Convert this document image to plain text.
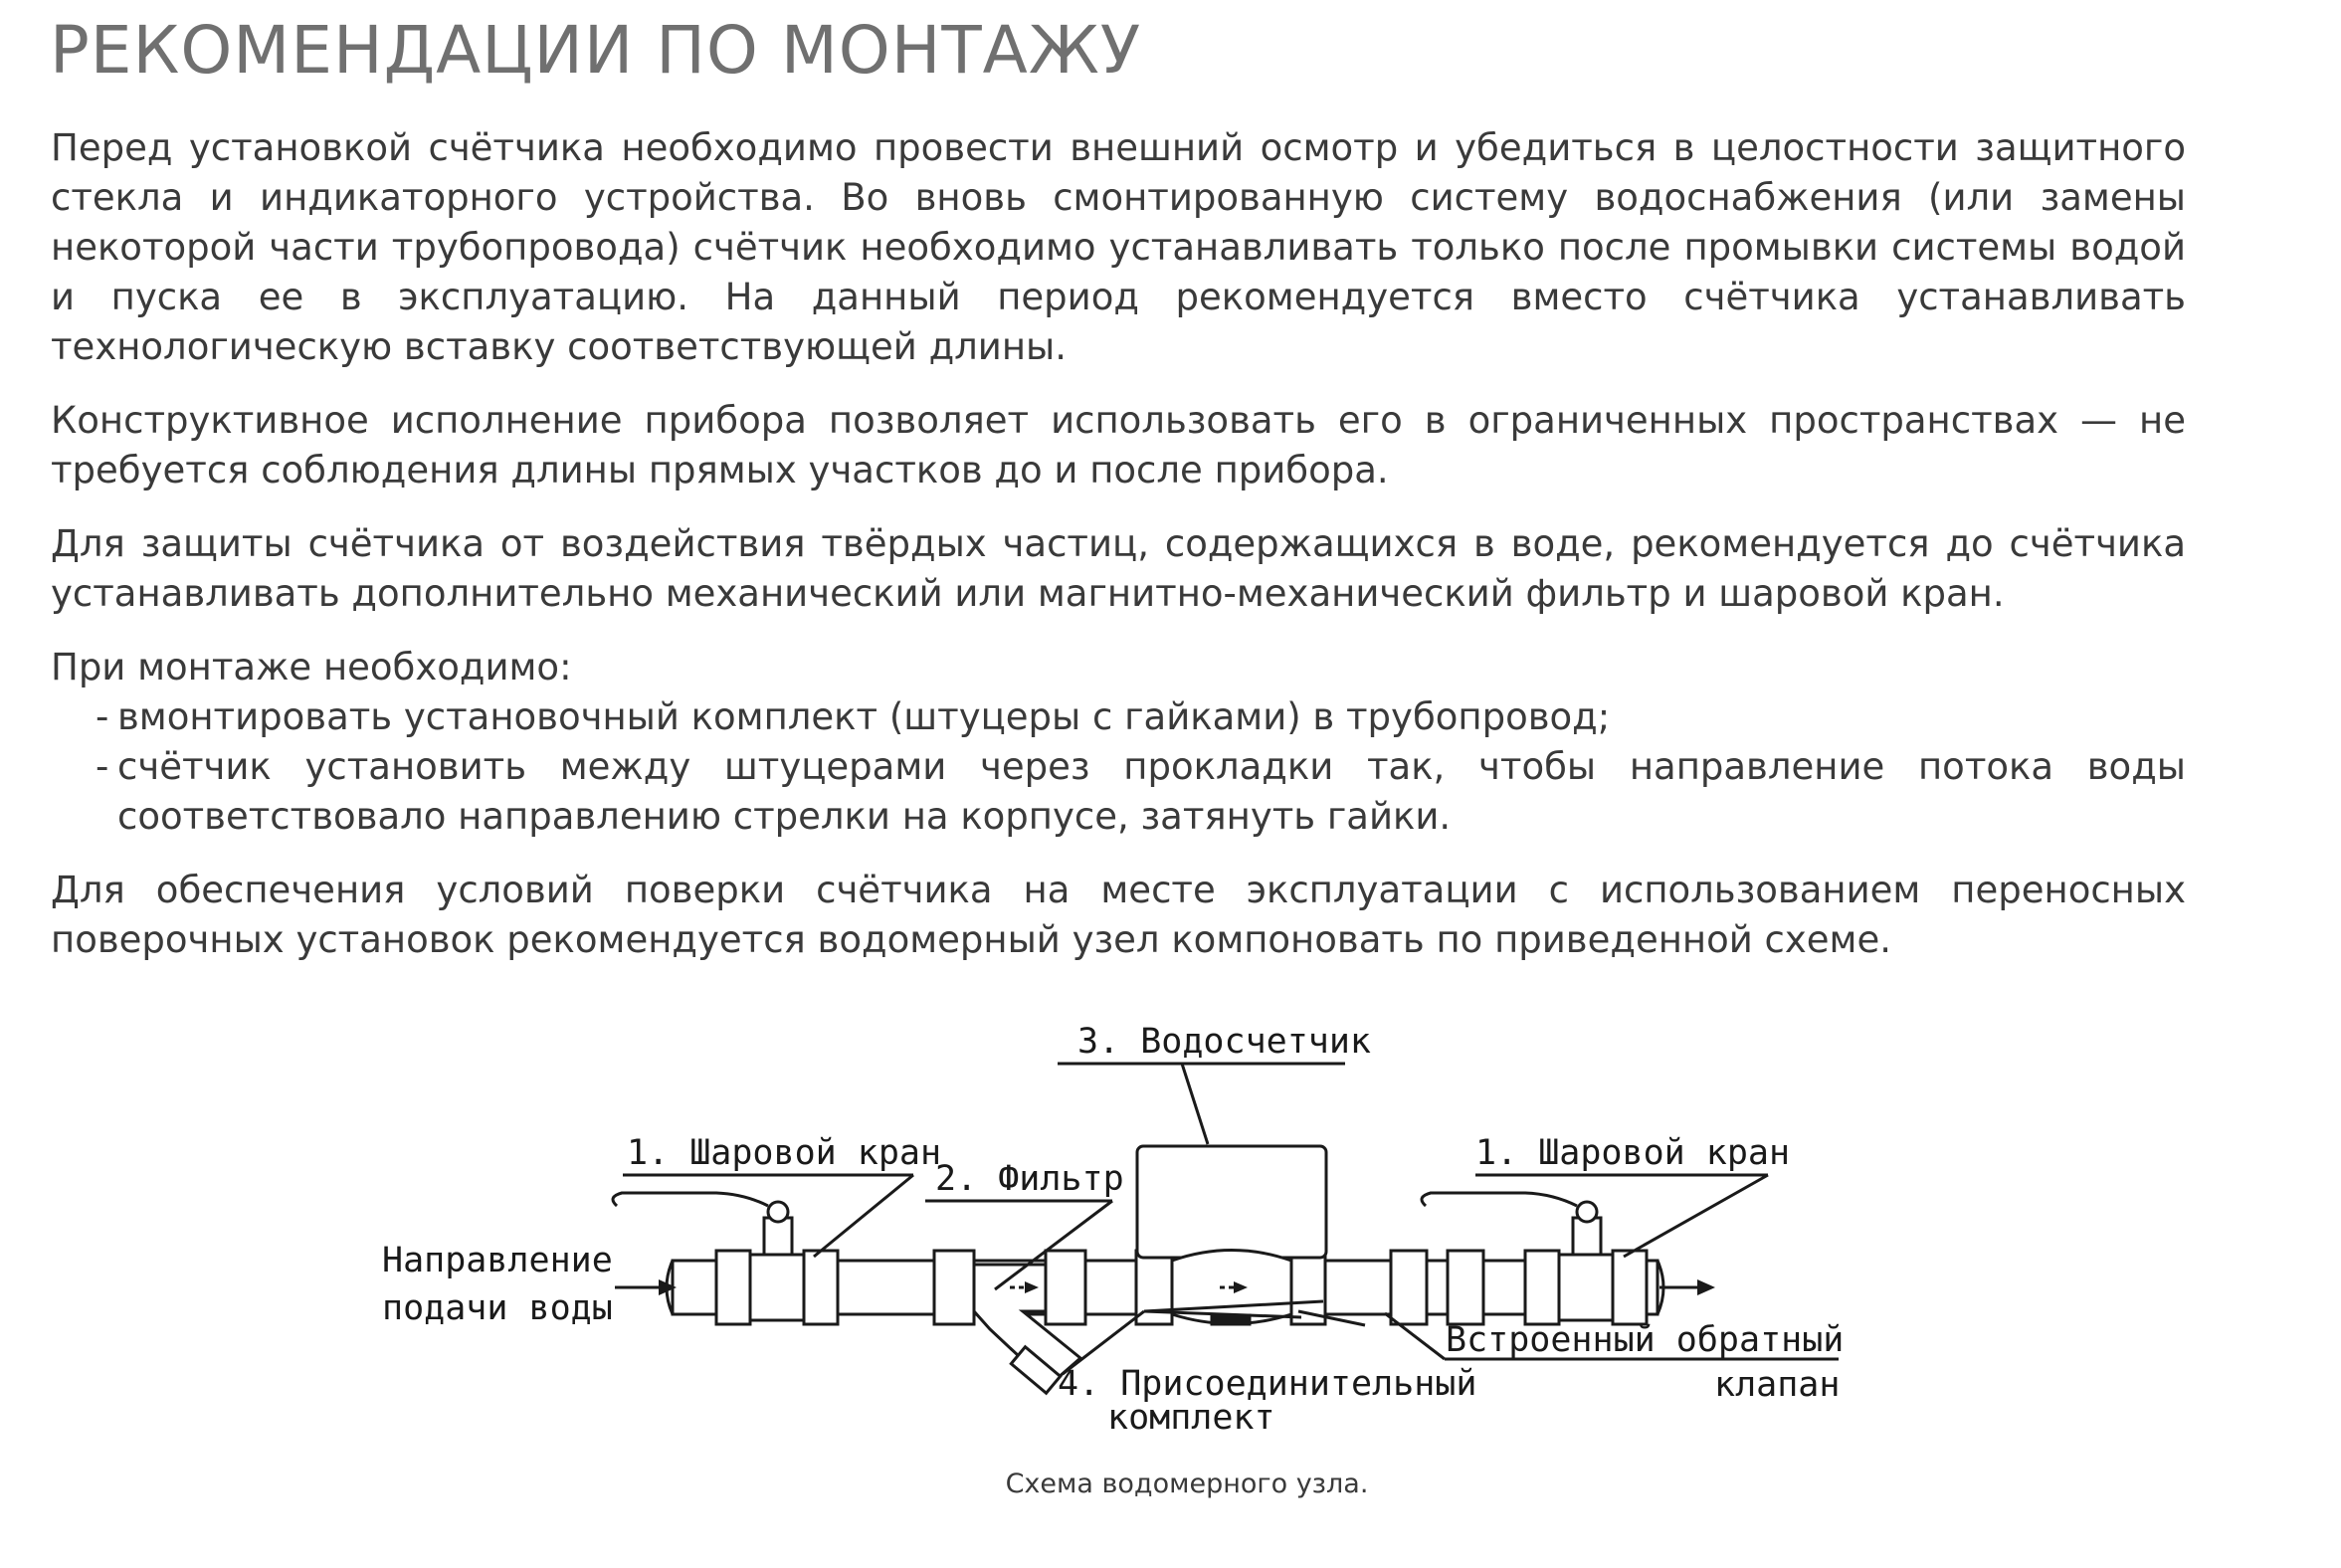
РЕКОМЕНДАЦИИ ПО МОНТАЖУ

Перед установкой счётчика необходимо провести внешний осмотр и убедиться в целостности защитного стекла и индикаторного устройства. Во вновь смонтированную систему водоснабжения (или замены некоторой части трубопровода) счётчик необходимо устанавливать только после промывки системы водой и пуска ее в эксплуатацию. На данный период рекомендуется вместо счётчика устанавливать технологическую вставку соответствующей длины.

Конструктивное исполнение прибора позволяет использовать его в ограниченных пространствах — не требуется соблюдения длины прямых участков до и после прибора.

Для защиты счётчика от воздействия твёрдых частиц, содержащихся в воде, рекомендуется до счётчика устанавливать дополнительно механический или магнитно-механический фильтр и шаровой кран.

При монтаже необходимо:

- вмонтировать установочный комплект (штуцеры с гайками) в трубопровод;
- счётчик установить между штуцерами через прокладки так, чтобы направление потока воды соответствовало направлению стрелки на корпусе, затянуть гайки.

Для обеспечения условий поверки счётчика на месте эксплуатации с использованием переносных поверочных установок рекомендуется водомерный узел компоновать по приведенной схеме.

3. Водосчетчик
1. Шаровой кран
2. Фильтр
1. Шаровой кран
Направление
подачи воды
Встроенный обратный
клапан
4. Присоединительный
комплект
Схема водомерного узла.
